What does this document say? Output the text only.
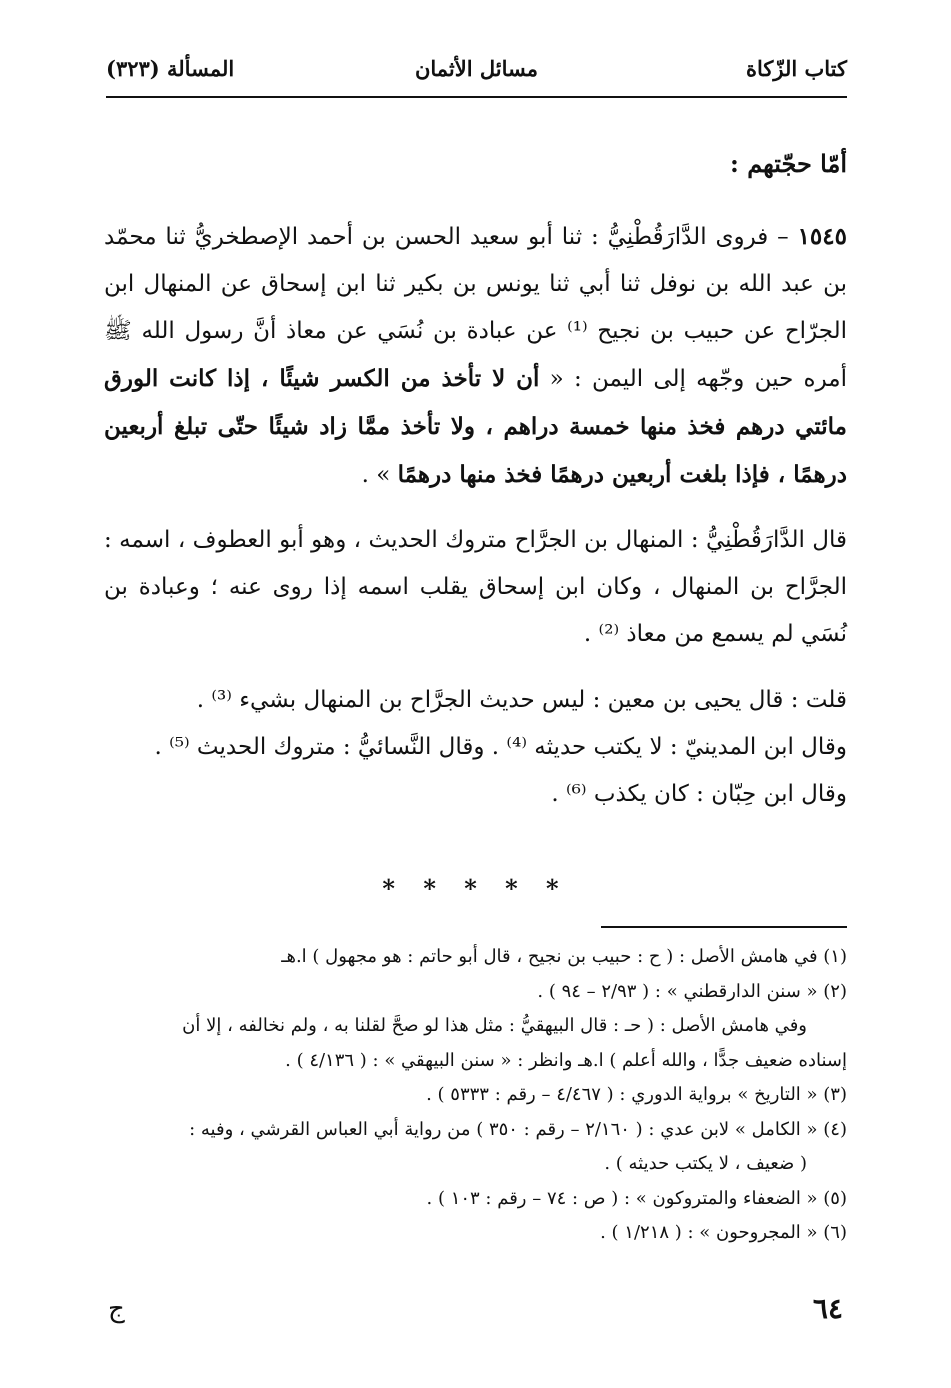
كتاب الزّكاة
مسائل الأثمان
المسألة (٣٢٣)
أمّا حجّتهم :

١٥٤٥ – فروى الدَّارَقُطْنِيُّ : ثنا أبو سعيد الحسن بن أحمد الإصطخريُّ ثنا محمّد بن عبد الله بن نوفل ثنا أبي ثنا يونس بن بكير ثنا ابن إسحاق عن المنهال ابن الجرّاح عن حبيب بن نجيح ⁽¹⁾ عن عبادة بن نُسَي عن معاذ أنَّ رسول الله ﷺ أمره حين وجّهه إلى اليمن : « أن لا تأخذ من الكسر شيئًا ، إذا كانت الورق مائتي درهم فخذ منها خمسة دراهم ، ولا تأخذ ممَّا زاد شيئًا حتّى تبلغ أربعين درهمًا ، فإذا بلغت أربعين درهمًا فخذ منها درهمًا » .

قال الدَّارَقُطْنِيُّ : المنهال بن الجرَّاح متروك الحديث ، وهو أبو العطوف ، اسمه : الجرَّاح بن المنهال ، وكان ابن إسحاق يقلب اسمه إذا روى عنه ؛ وعبادة بن نُسَي لم يسمع من معاذ ⁽²⁾ .

قلت : قال يحيى بن معين : ليس حديث الجرَّاح بن المنهال بشيء ⁽³⁾ .

وقال ابن المدينيّ : لا يكتب حديثه ⁽⁴⁾ . وقال النَّسائيُّ : متروك الحديث ⁽⁵⁾ .

وقال ابن حِبّان : كان يكذب ⁽⁶⁾ .

* * * * *
(١) في هامش الأصل : ( ح : حبيب بن نجيح ، قال أبو حاتم : هو مجهول ) ا.هـ
(٢) « سنن الدارقطني » : ( ٢/٩٣ – ٩٤ ) .
وفي هامش الأصل : ( حـ : قال البيهقيُّ : مثل هذا لو صحَّ لقلنا به ، ولم نخالفه ، إلا أن
إسناده ضعيف جدًّا ، والله أعلم ) ا.هـ وانظر : « سنن البيهقي » : ( ٤/١٣٦ ) .
(٣) « التاريخ » برواية الدوري : ( ٤/٤٦٧ – رقم : ٥٣٣٣ ) .
(٤) « الكامل » لابن عدي : ( ٢/١٦٠ – رقم : ٣٥٠ ) من رواية أبي العباس القرشي ، وفيه :
( ضعيف ، لا يكتب حديثه ) .
(٥) « الضعفاء والمتروكون » : ( ص : ٧٤ – رقم : ١٠٣ ) .
(٦) « المجروحون » : ( ١/٢١٨ ) .
٦٤
ج
